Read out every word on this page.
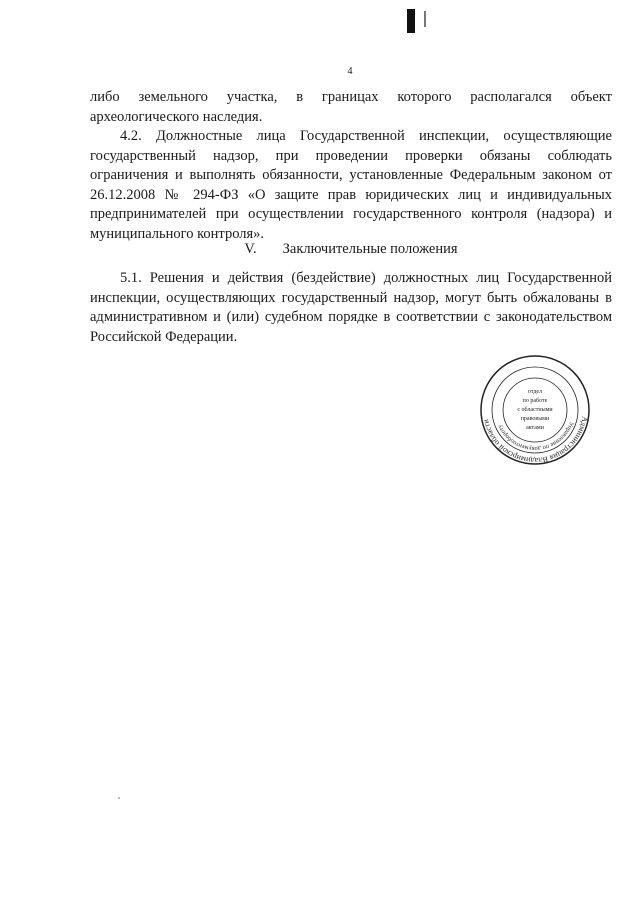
4
либо земельного участка, в границах которого располагался объект
археологического наследия.
4.2. Должностные лица Государственной инспекции, осуществляющие
государственный надзор, при проведении проверки обязаны соблюдать
ограничения и выполнять обязанности, установленные Федеральным законом от
26.12.2008 № 294-ФЗ «О защите прав юридических лиц и индивидуальных
предпринимателей при осуществлении государственного контроля (надзора) и
муниципального контроля».
V. Заключительные положения
5.1. Решения и действия (бездействие) должностных лиц Государственной
инспекции, осуществляющих государственный надзор, могут быть обжалованы в
административном и (или) судебном порядке в соответствии с законодательством
Российской Федерации.
Администрация Владимирской области	Управление по документообороту
отдел
по работе
с областными
правовыми
актами
